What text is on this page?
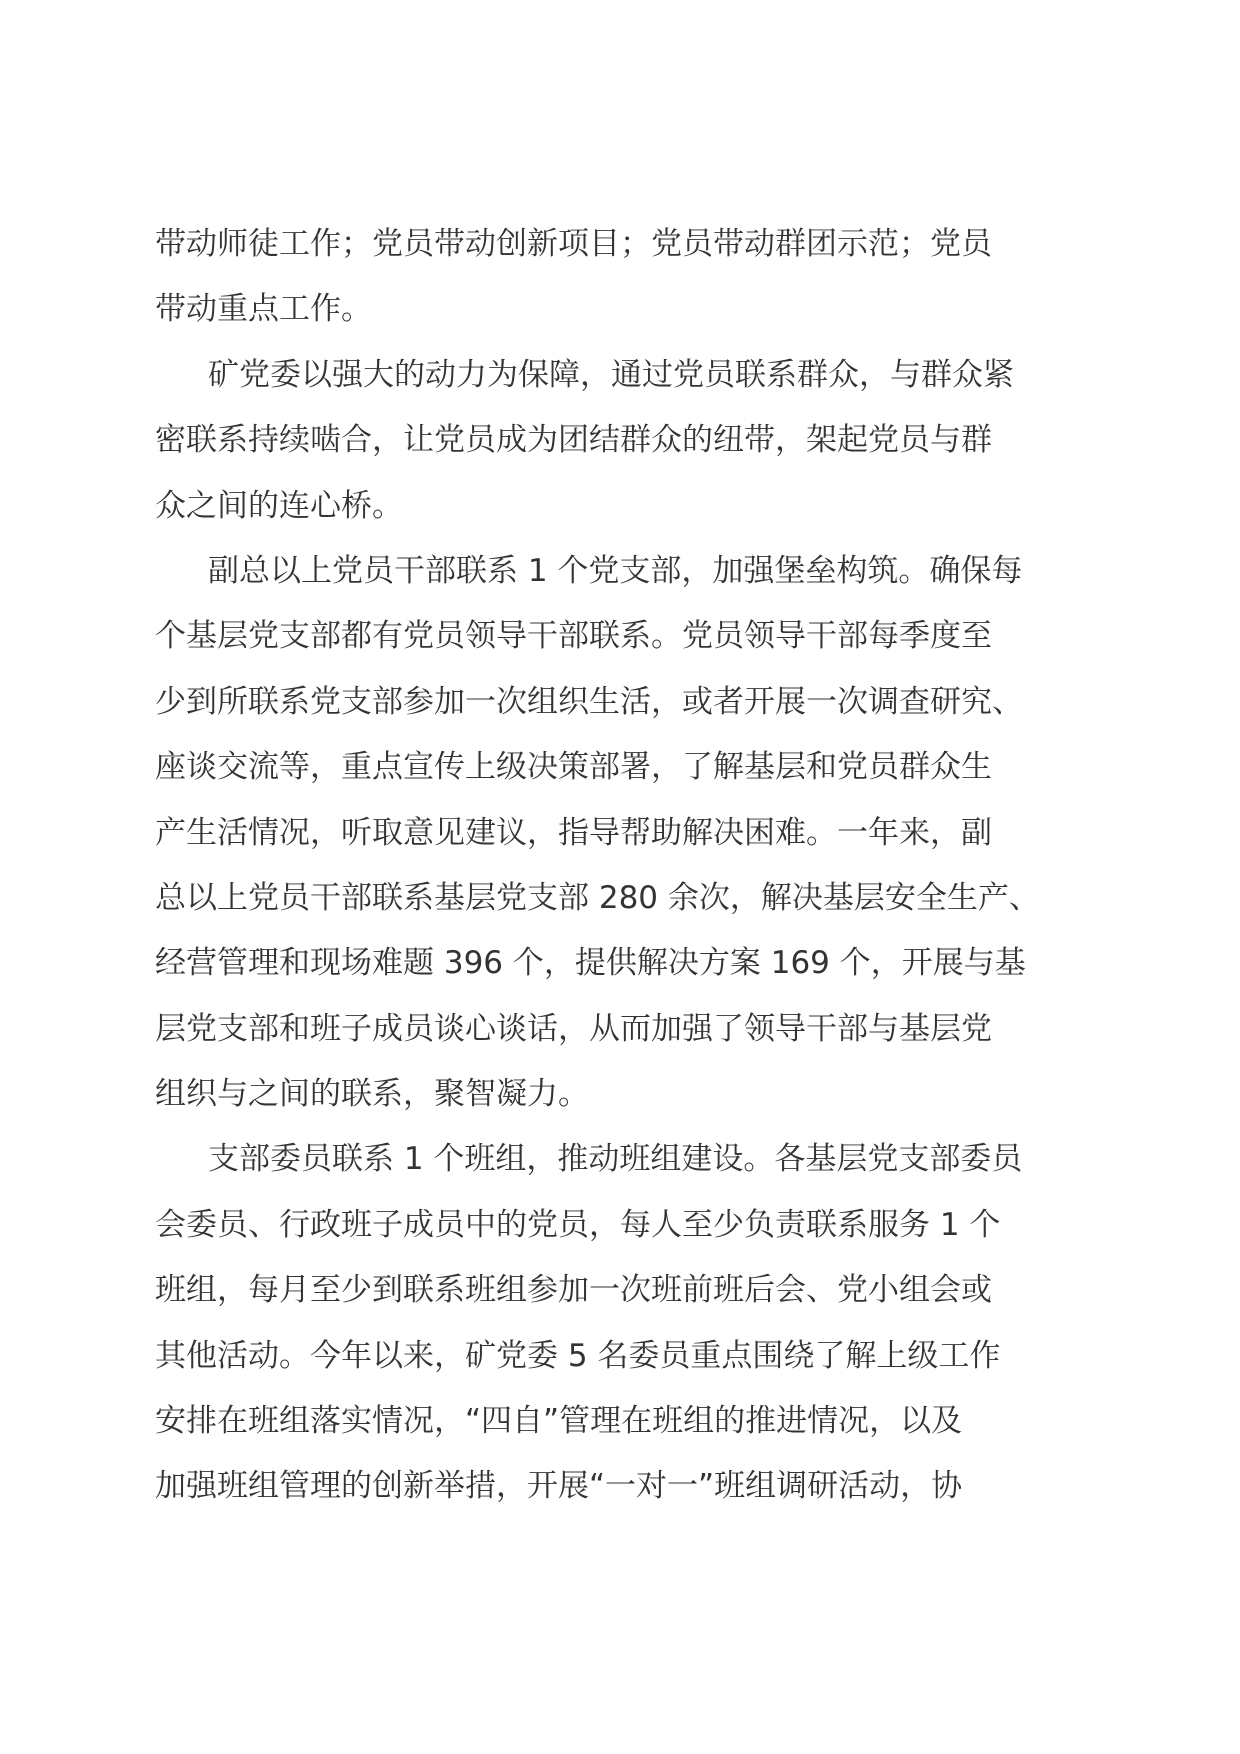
带动师徒工作；党员带动创新项目；党员带动群团示范；党员
带动重点工作。
矿党委以强大的动力为保障，通过党员联系群众，与群众紧
密联系持续啮合，让党员成为团结群众的纽带，架起党员与群
众之间的连心桥。
副总以上党员干部联系 1 个党支部，加强堡垒构筑。确保每
个基层党支部都有党员领导干部联系。党员领导干部每季度至
少到所联系党支部参加一次组织生活，或者开展一次调查研究、
座谈交流等，重点宣传上级决策部署，了解基层和党员群众生
产生活情况，听取意见建议，指导帮助解决困难。一年来，副
总以上党员干部联系基层党支部 280 余次，解决基层安全生产、
经营管理和现场难题 396 个，提供解决方案 169 个，开展与基
层党支部和班子成员谈心谈话，从而加强了领导干部与基层党
组织与之间的联系，聚智凝力。
支部委员联系 1 个班组，推动班组建设。各基层党支部委员
会委员、行政班子成员中的党员，每人至少负责联系服务 1 个
班组，每月至少到联系班组参加一次班前班后会、党小组会或
其他活动。今年以来，矿党委 5 名委员重点围绕了解上级工作
安排在班组落实情况，“四自”管理在班组的推进情况，以及
加强班组管理的创新举措，开展“一对一”班组调研活动，协
